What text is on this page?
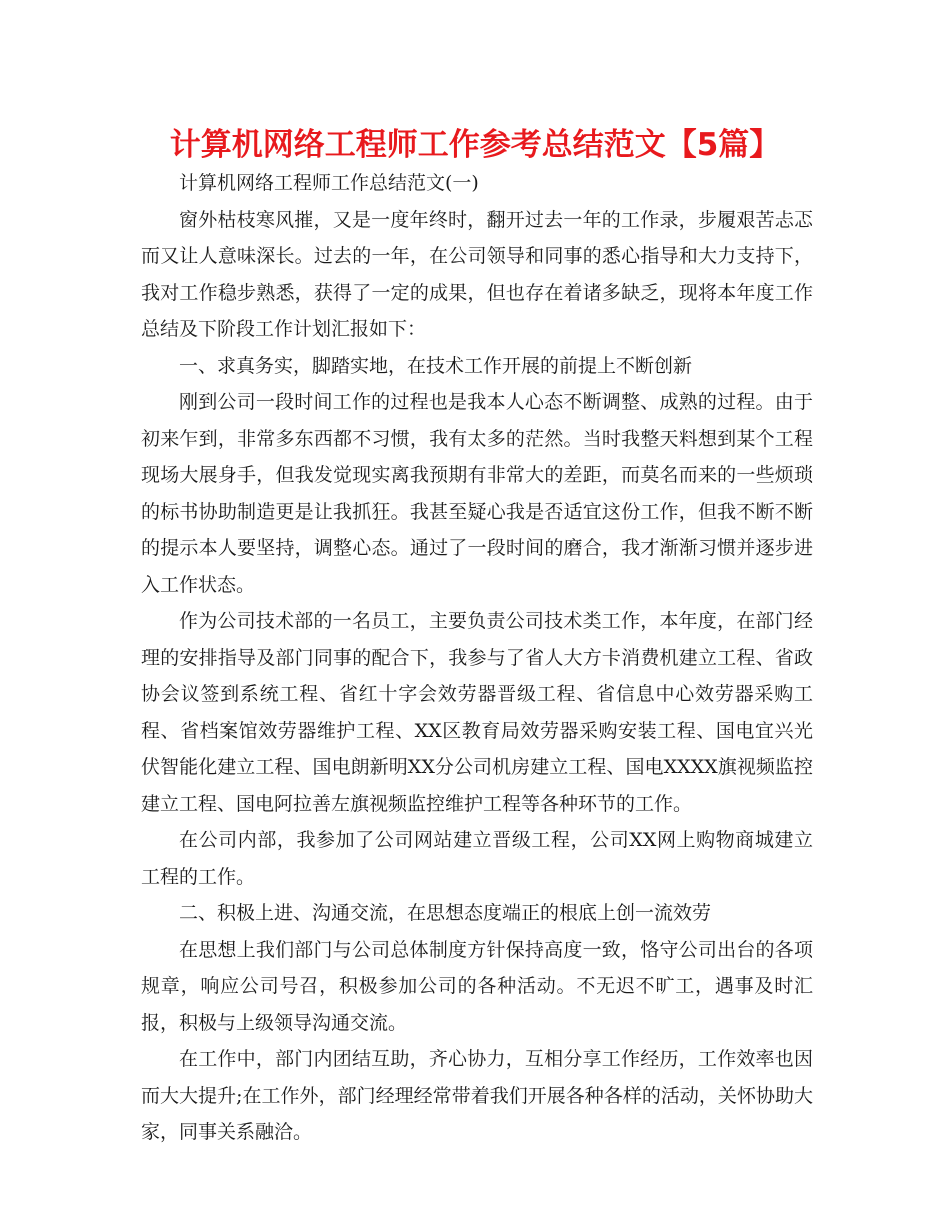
计算机网络工程师工作参考总结范文【5篇】

计算机网络工程师工作总结范文(一)

窗外枯枝寒风摧，又是一度年终时，翻开过去一年的工作录，步履艰苦忐忑而又让人意味深长。过去的一年，在公司领导和同事的悉心指导和大力支持下，我对工作稳步熟悉，获得了一定的成果，但也存在着诸多缺乏，现将本年度工作总结及下阶段工作计划汇报如下：

一、求真务实，脚踏实地，在技术工作开展的前提上不断创新

刚到公司一段时间工作的过程也是我本人心态不断调整、成熟的过程。由于初来乍到，非常多东西都不习惯，我有太多的茫然。当时我整天料想到某个工程现场大展身手，但我发觉现实离我预期有非常大的差距，而莫名而来的一些烦琐的标书协助制造更是让我抓狂。我甚至疑心我是否适宜这份工作，但我不断不断的提示本人要坚持，调整心态。通过了一段时间的磨合，我才渐渐习惯并逐步进入工作状态。

作为公司技术部的一名员工，主要负责公司技术类工作，本年度，在部门经理的安排指导及部门同事的配合下，我参与了省人大方卡消费机建立工程、省政协会议签到系统工程、省红十字会效劳器晋级工程、省信息中心效劳器采购工程、省档案馆效劳器维护工程、XX区教育局效劳器采购安装工程、国电宜兴光伏智能化建立工程、国电朗新明XX分公司机房建立工程、国电XXXX旗视频监控建立工程、国电阿拉善左旗视频监控维护工程等各种环节的工作。

在公司内部，我参加了公司网站建立晋级工程，公司XX网上购物商城建立工程的工作。

二、积极上进、沟通交流，在思想态度端正的根底上创一流效劳

在思想上我们部门与公司总体制度方针保持高度一致，恪守公司出台的各项规章，响应公司号召，积极参加公司的各种活动。不无迟不旷工，遇事及时汇报，积极与上级领导沟通交流。

在工作中，部门内团结互助，齐心协力，互相分享工作经历，工作效率也因而大大提升;在工作外，部门经理经常带着我们开展各种各样的活动，关怀协助大家，同事关系融洽。
